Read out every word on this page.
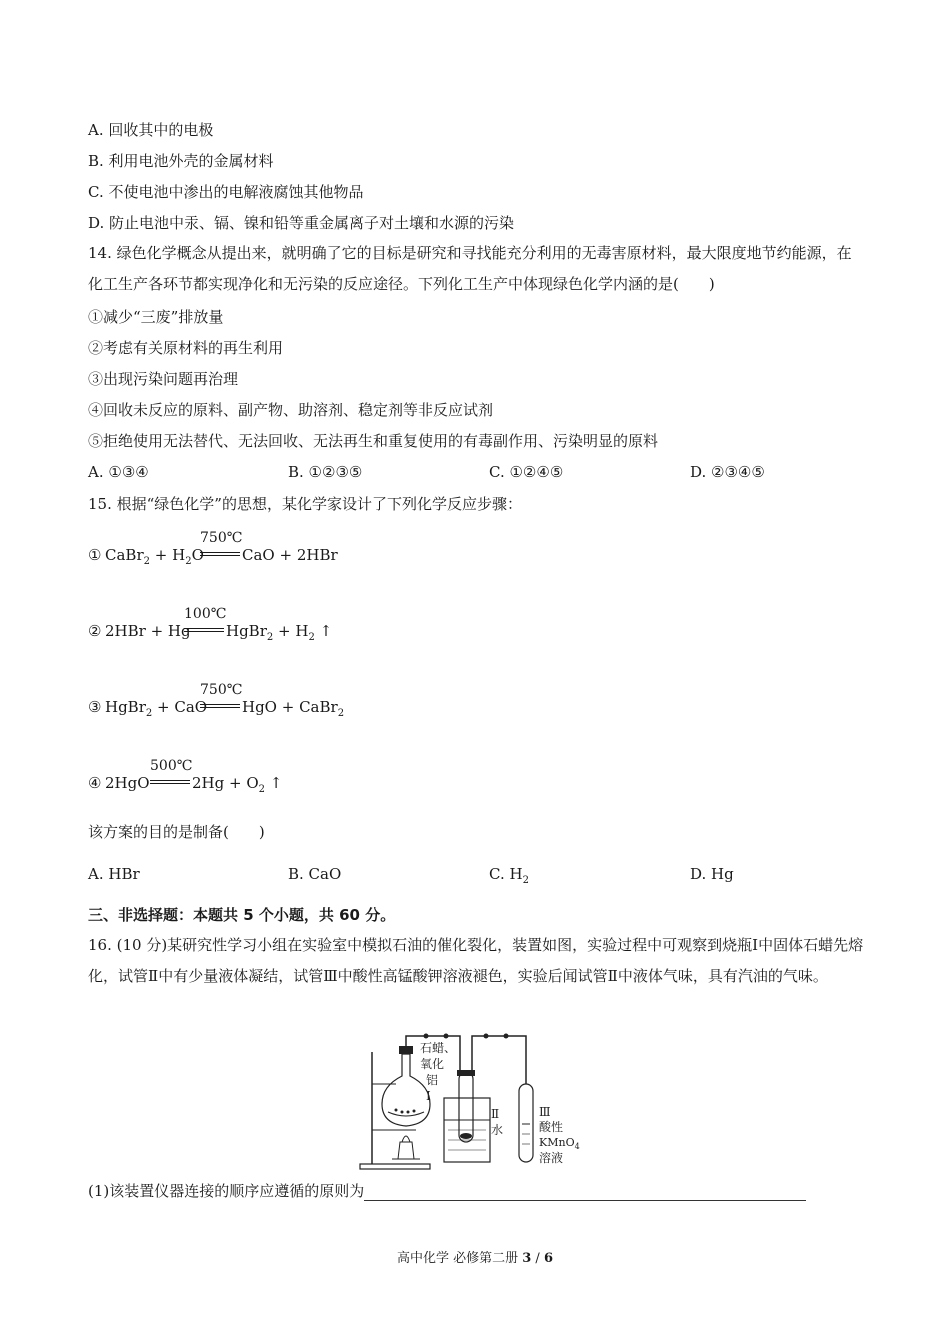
A. 回收其中的电极
B. 利用电池外壳的金属材料
C. 不使电池中渗出的电解液腐蚀其他物品
D. 防止电池中汞、镉、镍和铅等重金属离子对土壤和水源的污染
14. 绿色化学概念从提出来，就明确了它的目标是研究和寻找能充分利用的无毒害原材料，最大限度地节约能源，在化工生产各环节都实现净化和无污染的反应途径。下列化工生产中体现绿色化学内涵的是(　　)
①减少“三废”排放量
②考虑有关原材料的再生利用
③出现污染问题再治理
④回收未反应的原料、副产物、助溶剂、稳定剂等非反应试剂
⑤拒绝使用无法替代、无法回收、无法再生和重复使用的有毒副作用、污染明显的原料
A. ①③④	B. ①②③⑤	C. ①②④⑤	D. ②③④⑤
15. 根据“绿色化学”的思想，某化学家设计了下列化学反应步骤：
① CaBr$_2$ + $H_2O$
750℃
CaO + 2HBr
② 2HBr + Hg
100℃
HgBr$_2$ + $H_2$ ↑
③ HgBr$_2$ + CaO
750℃
HgO + CaBr$_2$
④ 2HgO
500℃
$2Hg + O_2$ ↑
该方案的目的是制备(　　)
A. HBr	B. CaO	C. $H_2$	D. Hg
三、非选择题：本题共 5 个小题，共 60 分。
16. (10 分)某研究性学习小组在实验室中模拟石油的催化裂化，装置如图，实验过程中可观察到烧瓶Ⅰ中固体石蜡先熔化，试管Ⅱ中有少量液体凝结，试管Ⅲ中酸性高锰酸钾溶液褪色，实验后闻试管Ⅱ中液体气味，具有汽油的气味。
石蜡、
氧化
铝
Ⅰ
Ⅱ
水
Ⅲ
酸性
KMnO$_4$
溶液
(1)该装置仪器连接的顺序应遵循的原则为
高中化学 必修第二册 3 / 6
